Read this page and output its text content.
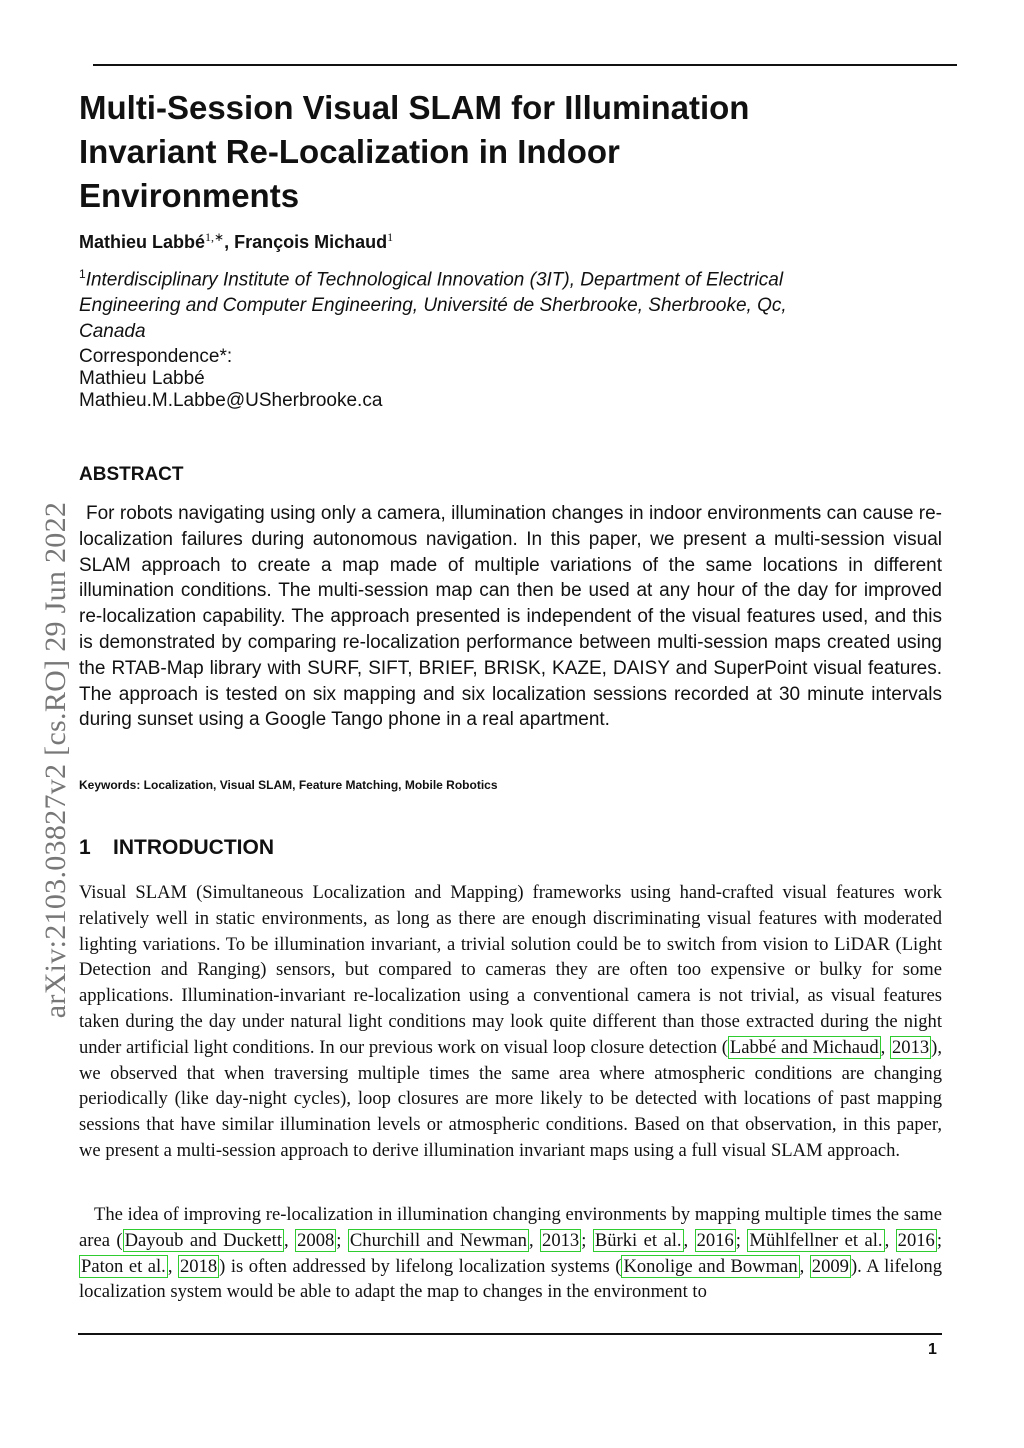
Multi-Session Visual SLAM for Illumination Invariant Re-Localization in Indoor Environments
Mathieu Labbé$^{1,∗}$, François Michaud$^1$
$^1$Interdisciplinary Institute of Technological Innovation (3IT), Department of Electrical Engineering and Computer Engineering, Université de Sherbrooke, Sherbrooke, Qc, Canada
Correspondence*:
Mathieu Labbé
Mathieu.M.Labbe@USherbrooke.ca
arXiv:2103.03827v2 [cs.RO] 29 Jun 2022
ABSTRACT

For robots navigating using only a camera, illumination changes in indoor environments can cause re-localization failures during autonomous navigation. In this paper, we present a multi-session visual SLAM approach to create a map made of multiple variations of the same locations in different illumination conditions. The multi-session map can then be used at any hour of the day for improved re-localization capability. The approach presented is independent of the visual features used, and this is demonstrated by comparing re-localization performance between multi-session maps created using the RTAB-Map library with SURF, SIFT, BRIEF, BRISK, KAZE, DAISY and SuperPoint visual features. The approach is tested on six mapping and six localization sessions recorded at 30 minute intervals during sunset using a Google Tango phone in a real apartment.

Keywords: Localization, Visual SLAM, Feature Matching, Mobile Robotics
1 INTRODUCTION

Visual SLAM (Simultaneous Localization and Mapping) frameworks using hand-crafted visual features work relatively well in static environments, as long as there are enough discriminating visual features with moderated lighting variations. To be illumination invariant, a trivial solution could be to switch from vision to LiDAR (Light Detection and Ranging) sensors, but compared to cameras they are often too expensive or bulky for some applications. Illumination-invariant re-localization using a conventional camera is not trivial, as visual features taken during the day under natural light conditions may look quite different than those extracted during the night under artificial light conditions. In our previous work on visual loop closure detection ( Labbé and Michaud , 2013 ), we observed that when traversing multiple times the same area where atmospheric conditions are changing periodically (like day-night cycles), loop closures are more likely to be detected with locations of past mapping sessions that have similar illumination levels or atmospheric conditions. Based on that observation, in this paper, we present a multi-session approach to derive illumination invariant maps using a full visual SLAM approach.

The idea of improving re-localization in illumination changing environments by mapping multiple times the same area ( Dayoub and Duckett , 2008 ; Churchill and Newman , 2013 ; Bürki et al. , 2016 ; Mühlfellner et al. , 2016 ; Paton et al. , 2018 ) is often addressed by lifelong localization systems ( Konolige and Bowman , 2009 ). A lifelong localization system would be able to adapt the map to changes in the environment to

1
